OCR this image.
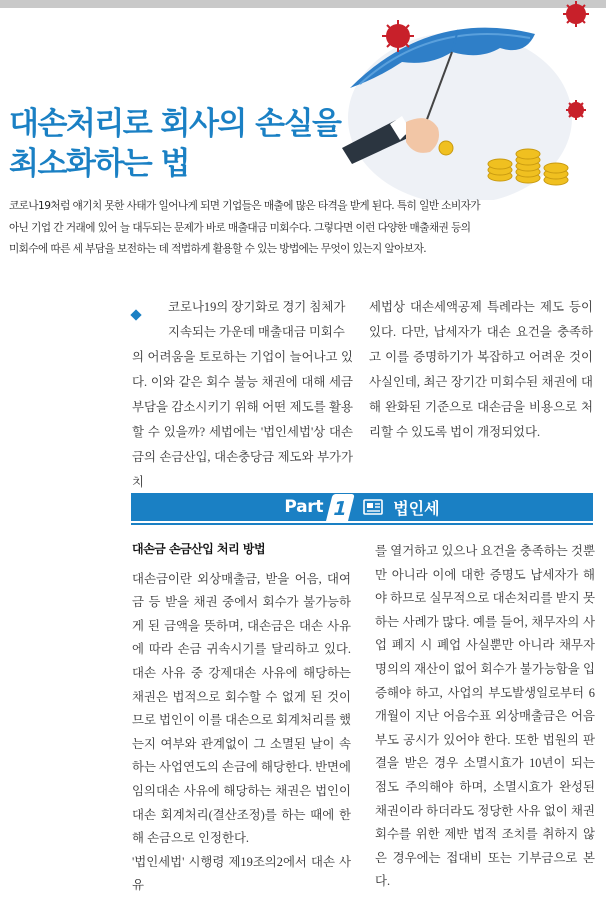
대손처리로 회사의 손실을
최소화하는 법

코로나19처럼 얘기치 못한 사태가 일어나게 되면 기업들은 매출에 많은 타격을 받게 된다. 특히 일반 소비자가
아닌 기업 간 거래에 있어 늘 대두되는 문제가 바로 매출대금 미회수다. 그렇다면 이런 다양한 매출채권 등의
미회수에 따른 세 부담을 보전하는 데 적법하게 활용할 수 있는 방법에는 무엇이 있는지 알아보자.

코로나19의 장기화로 경기 침체가
지속되는 가운데 매출대금 미회수
의 어려움을 토로하는 기업이 늘어나고 있다. 이와 같은 회수 불능 채권에 대해 세금 부담을 감소시키기 위해 어떤 제도를 활용할 수 있을까? 세법에는 '법인세법'상 대손금의 손금산입, 대손충당금 제도와 부가가치

세법상 대손세액공제 특례라는 제도 등이 있다. 다만, 납세자가 대손 요건을 충족하고 이를 증명하기가 복잡하고 어려운 것이 사실인데, 최근 장기간 미회수된 채권에 대해 완화된 기준으로 대손금을 비용으로 처리할 수 있도록 법이 개정되었다.

Part 1	법인세

대손금 손금산입 처리 방법
대손금이란 외상매출금, 받을 어음, 대여금 등 받을 채권 중에서 회수가 불가능하게 된 금액을 뜻하며, 대손금은 대손 사유에 따라 손금 귀속시기를 달리하고 있다. 대손 사유 중 강제대손 사유에 해당하는 채권은 법적으로 회수할 수 없게 된 것이므로 법인이 이를 대손으로 회계처리를 했는지 여부와 관계없이 그 소멸된 날이 속하는 사업연도의 손금에 해당한다. 반면에 임의대손 사유에 해당하는 채권은 법인이 대손 회계처리(결산조정)를 하는 때에 한해 손금으로 인정한다.
'법인세법' 시행령 제19조의2에서 대손 사유

를 열거하고 있으나 요건을 충족하는 것뿐만 아니라 이에 대한 증명도 납세자가 해야 하므로 실무적으로 대손처리를 받지 못하는 사례가 많다. 예를 들어, 채무자의 사업 폐지 시 폐업 사실뿐만 아니라 채무자 명의의 재산이 없어 회수가 불가능함을 입증해야 하고, 사업의 부도발생일로부터 6개월이 지난 어음수표 외상매출금은 어음부도 공시가 있어야 한다. 또한 법원의 판결을 받은 경우 소멸시효가 10년이 되는 점도 주의해야 하며, 소멸시효가 완성된 채권이라 하더라도 정당한 사유 없이 채권 회수를 위한 제반 법적 조치를 취하지 않은 경우에는 접대비 또는 기부금으로 본다.
